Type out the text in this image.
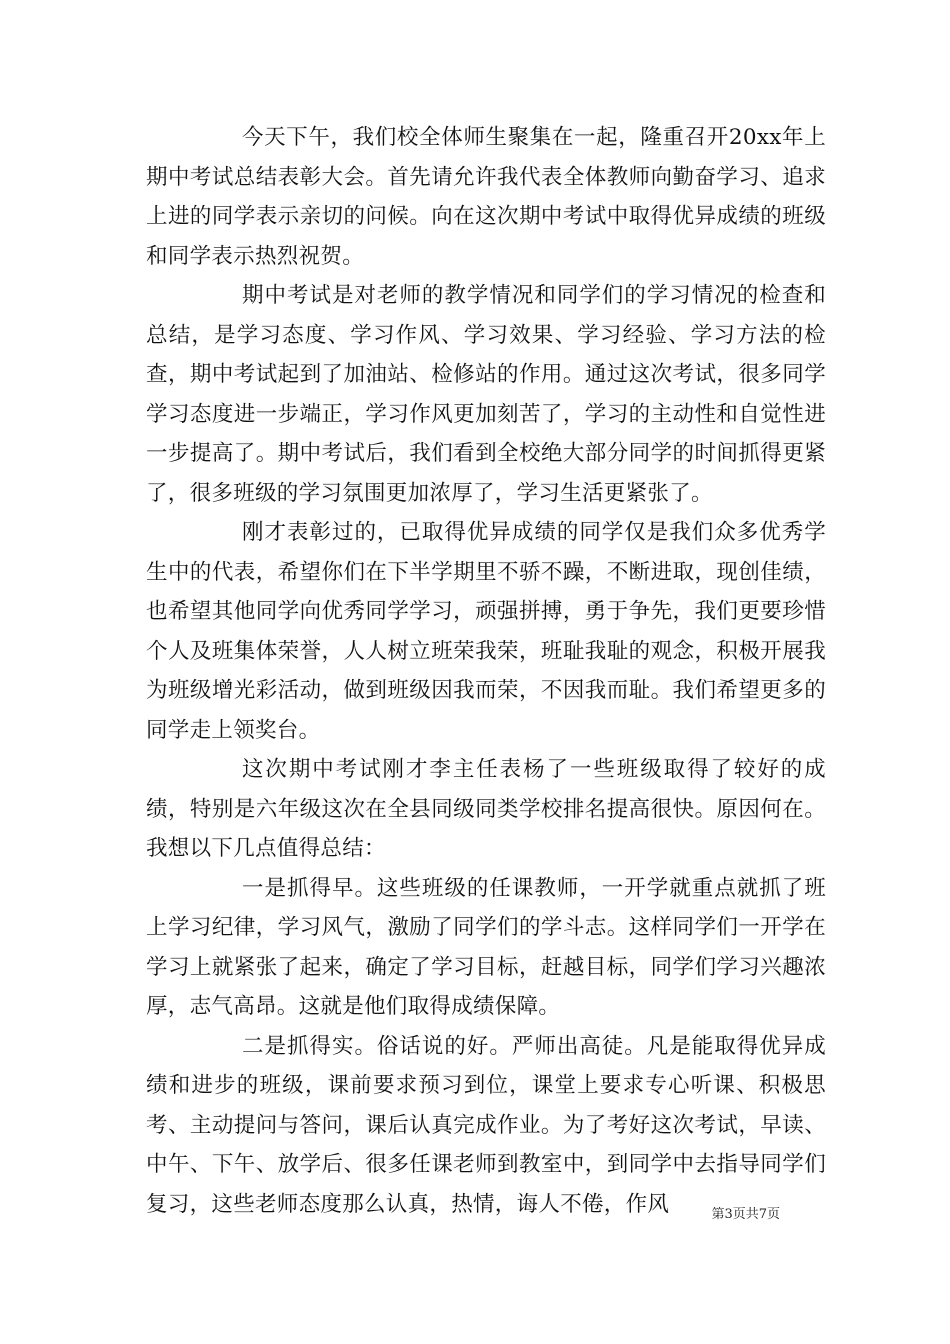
今天下午，我们校全体师生聚集在一起，隆重召开20xx年上期中考试总结表彰大会。首先请允许我代表全体教师向勤奋学习、追求上进的同学表示亲切的问候。向在这次期中考试中取得优异成绩的班级和同学表示热烈祝贺。

期中考试是对老师的教学情况和同学们的学习情况的检查和总结，是学习态度、学习作风、学习效果、学习经验、学习方法的检查，期中考试起到了加油站、检修站的作用。通过这次考试，很多同学学习态度进一步端正，学习作风更加刻苦了，学习的主动性和自觉性进一步提高了。期中考试后，我们看到全校绝大部分同学的时间抓得更紧了，很多班级的学习氛围更加浓厚了，学习生活更紧张了。

刚才表彰过的，已取得优异成绩的同学仅是我们众多优秀学生中的代表，希望你们在下半学期里不骄不躁，不断进取，现创佳绩，也希望其他同学向优秀同学学习，顽强拼搏，勇于争先，我们更要珍惜个人及班集体荣誉，人人树立班荣我荣，班耻我耻的观念，积极开展我为班级增光彩活动，做到班级因我而荣，不因我而耻。我们希望更多的同学走上领奖台。

这次期中考试刚才李主任表杨了一些班级取得了较好的成绩，特别是六年级这次在全县同级同类学校排名提高很快。原因何在。我想以下几点值得总结：

一是抓得早。这些班级的任课教师，一开学就重点就抓了班上学习纪律，学习风气，激励了同学们的学斗志。这样同学们一开学在学习上就紧张了起来，确定了学习目标，赶越目标，同学们学习兴趣浓厚，志气高昂。这就是他们取得成绩保障。

二是抓得实。俗话说的好。严师出高徒。凡是能取得优异成绩和进步的班级，课前要求预习到位，课堂上要求专心听课、积极思考、主动提问与答问，课后认真完成作业。为了考好这次考试，早读、中午、下午、放学后、很多任课老师到教室中，到同学中去指导同学们复习，这些老师态度那么认真，热情，诲人不倦，作风	第3页共7页
